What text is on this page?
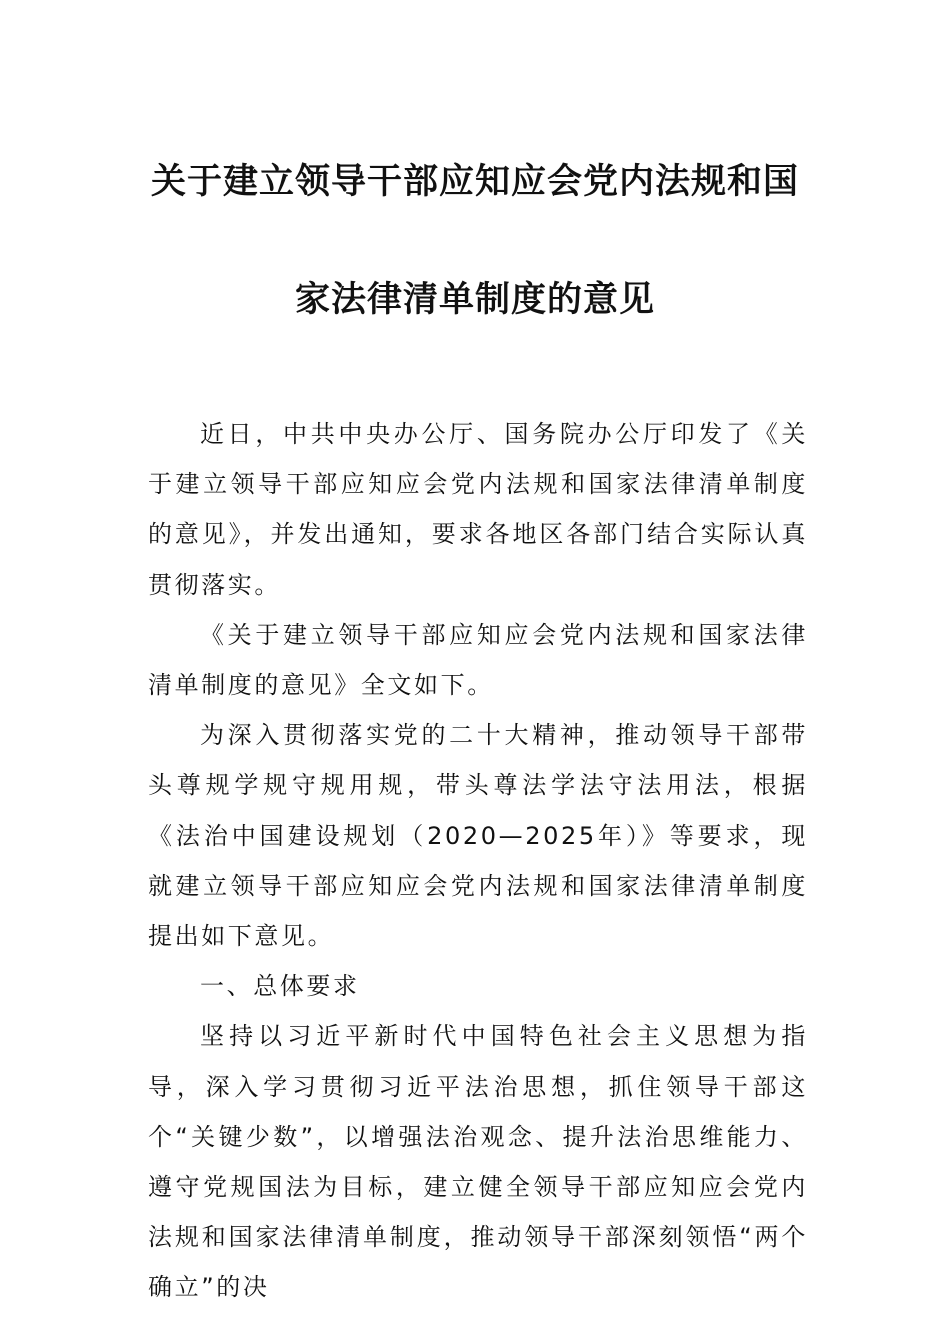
关于建立领导干部应知应会党内法规和国
家法律清单制度的意见

近日，中共中央办公厅、国务院办公厅印发了《关于建立领导干部应知应会党内法规和国家法律清单制度的意见》，并发出通知，要求各地区各部门结合实际认真贯彻落实。

《关于建立领导干部应知应会党内法规和国家法律清单制度的意见》全文如下。

为深入贯彻落实党的二十大精神，推动领导干部带头尊规学规守规用规，带头尊法学法守法用法，根据《法治中国建设规划（2020—2025年）》等要求，现就建立领导干部应知应会党内法规和国家法律清单制度提出如下意见。

一、总体要求

坚持以习近平新时代中国特色社会主义思想为指导，深入学习贯彻习近平法治思想，抓住领导干部这个“关键少数”，以增强法治观念、提升法治思维能力、遵守党规国法为目标，建立健全领导干部应知应会党内法规和国家法律清单制度，推动领导干部深刻领悟“两个确立”的决
